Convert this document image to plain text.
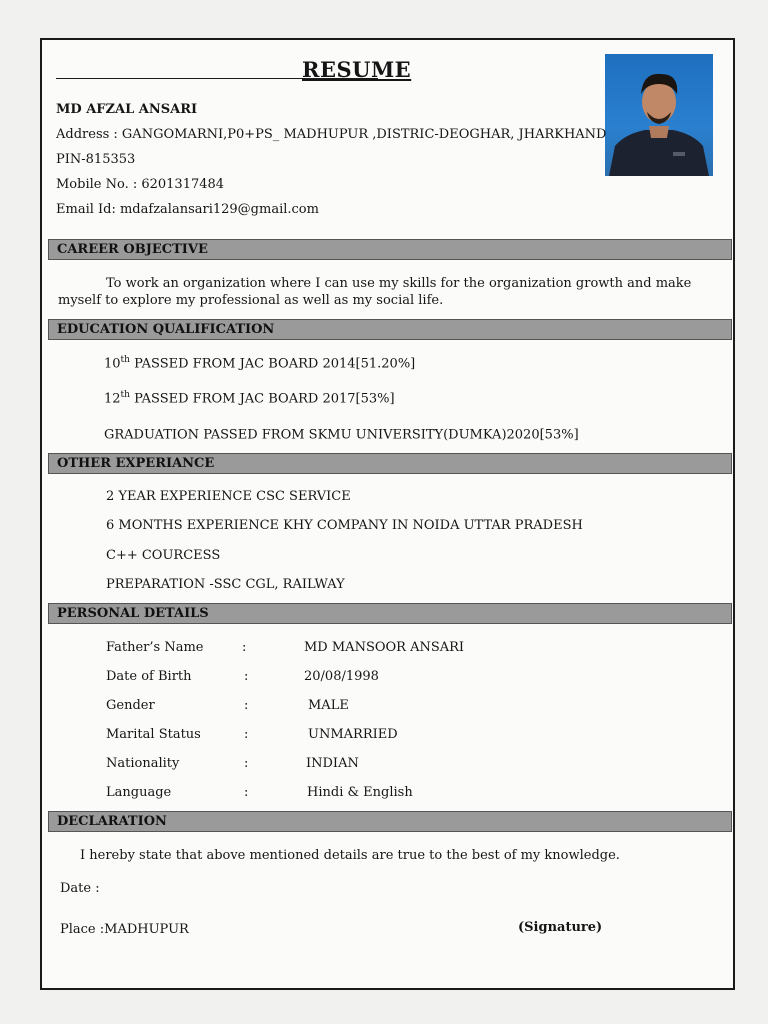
RESUME
MD AFZAL ANSARI
Address : GANGOMARNI,P0+PS_ MADHUPUR ,DISTRIC-DEOGHAR, JHARKHAND
PIN-815353
Mobile No. : 6201317484
Email Id: mdafzalansari129@gmail.com
CAREER OBJECTIVE
To work an organization where I can use my skills for the organization growth and make
myself to explore my professional as well as my social life.
EDUCATION QUALIFICATION
10th PASSED FROM JAC BOARD 2014[51.20%]
12th PASSED FROM JAC BOARD 2017[53%]
GRADUATION PASSED FROM SKMU UNIVERSITY(DUMKA)2020[53%]
OTHER EXPERIANCE
2 YEAR EXPERIENCE CSC SERVICE
6 MONTHS EXPERIENCE KHY COMPANY IN NOIDA UTTAR PRADESH
C++ COURCESS
PREPARATION -SSC CGL, RAILWAY
PERSONAL DETAILS
Father’s Name	:	MD MANSOOR ANSARI
Date of Birth	:	20/08/1998
Gender	:	MALE
Marital Status	:	UNMARRIED
Nationality	:	INDIAN
Language	:	Hindi & English
DECLARATION
I hereby state that above mentioned details are true to the best of my knowledge.
Date :
Place :MADHUPUR	(Signature)
